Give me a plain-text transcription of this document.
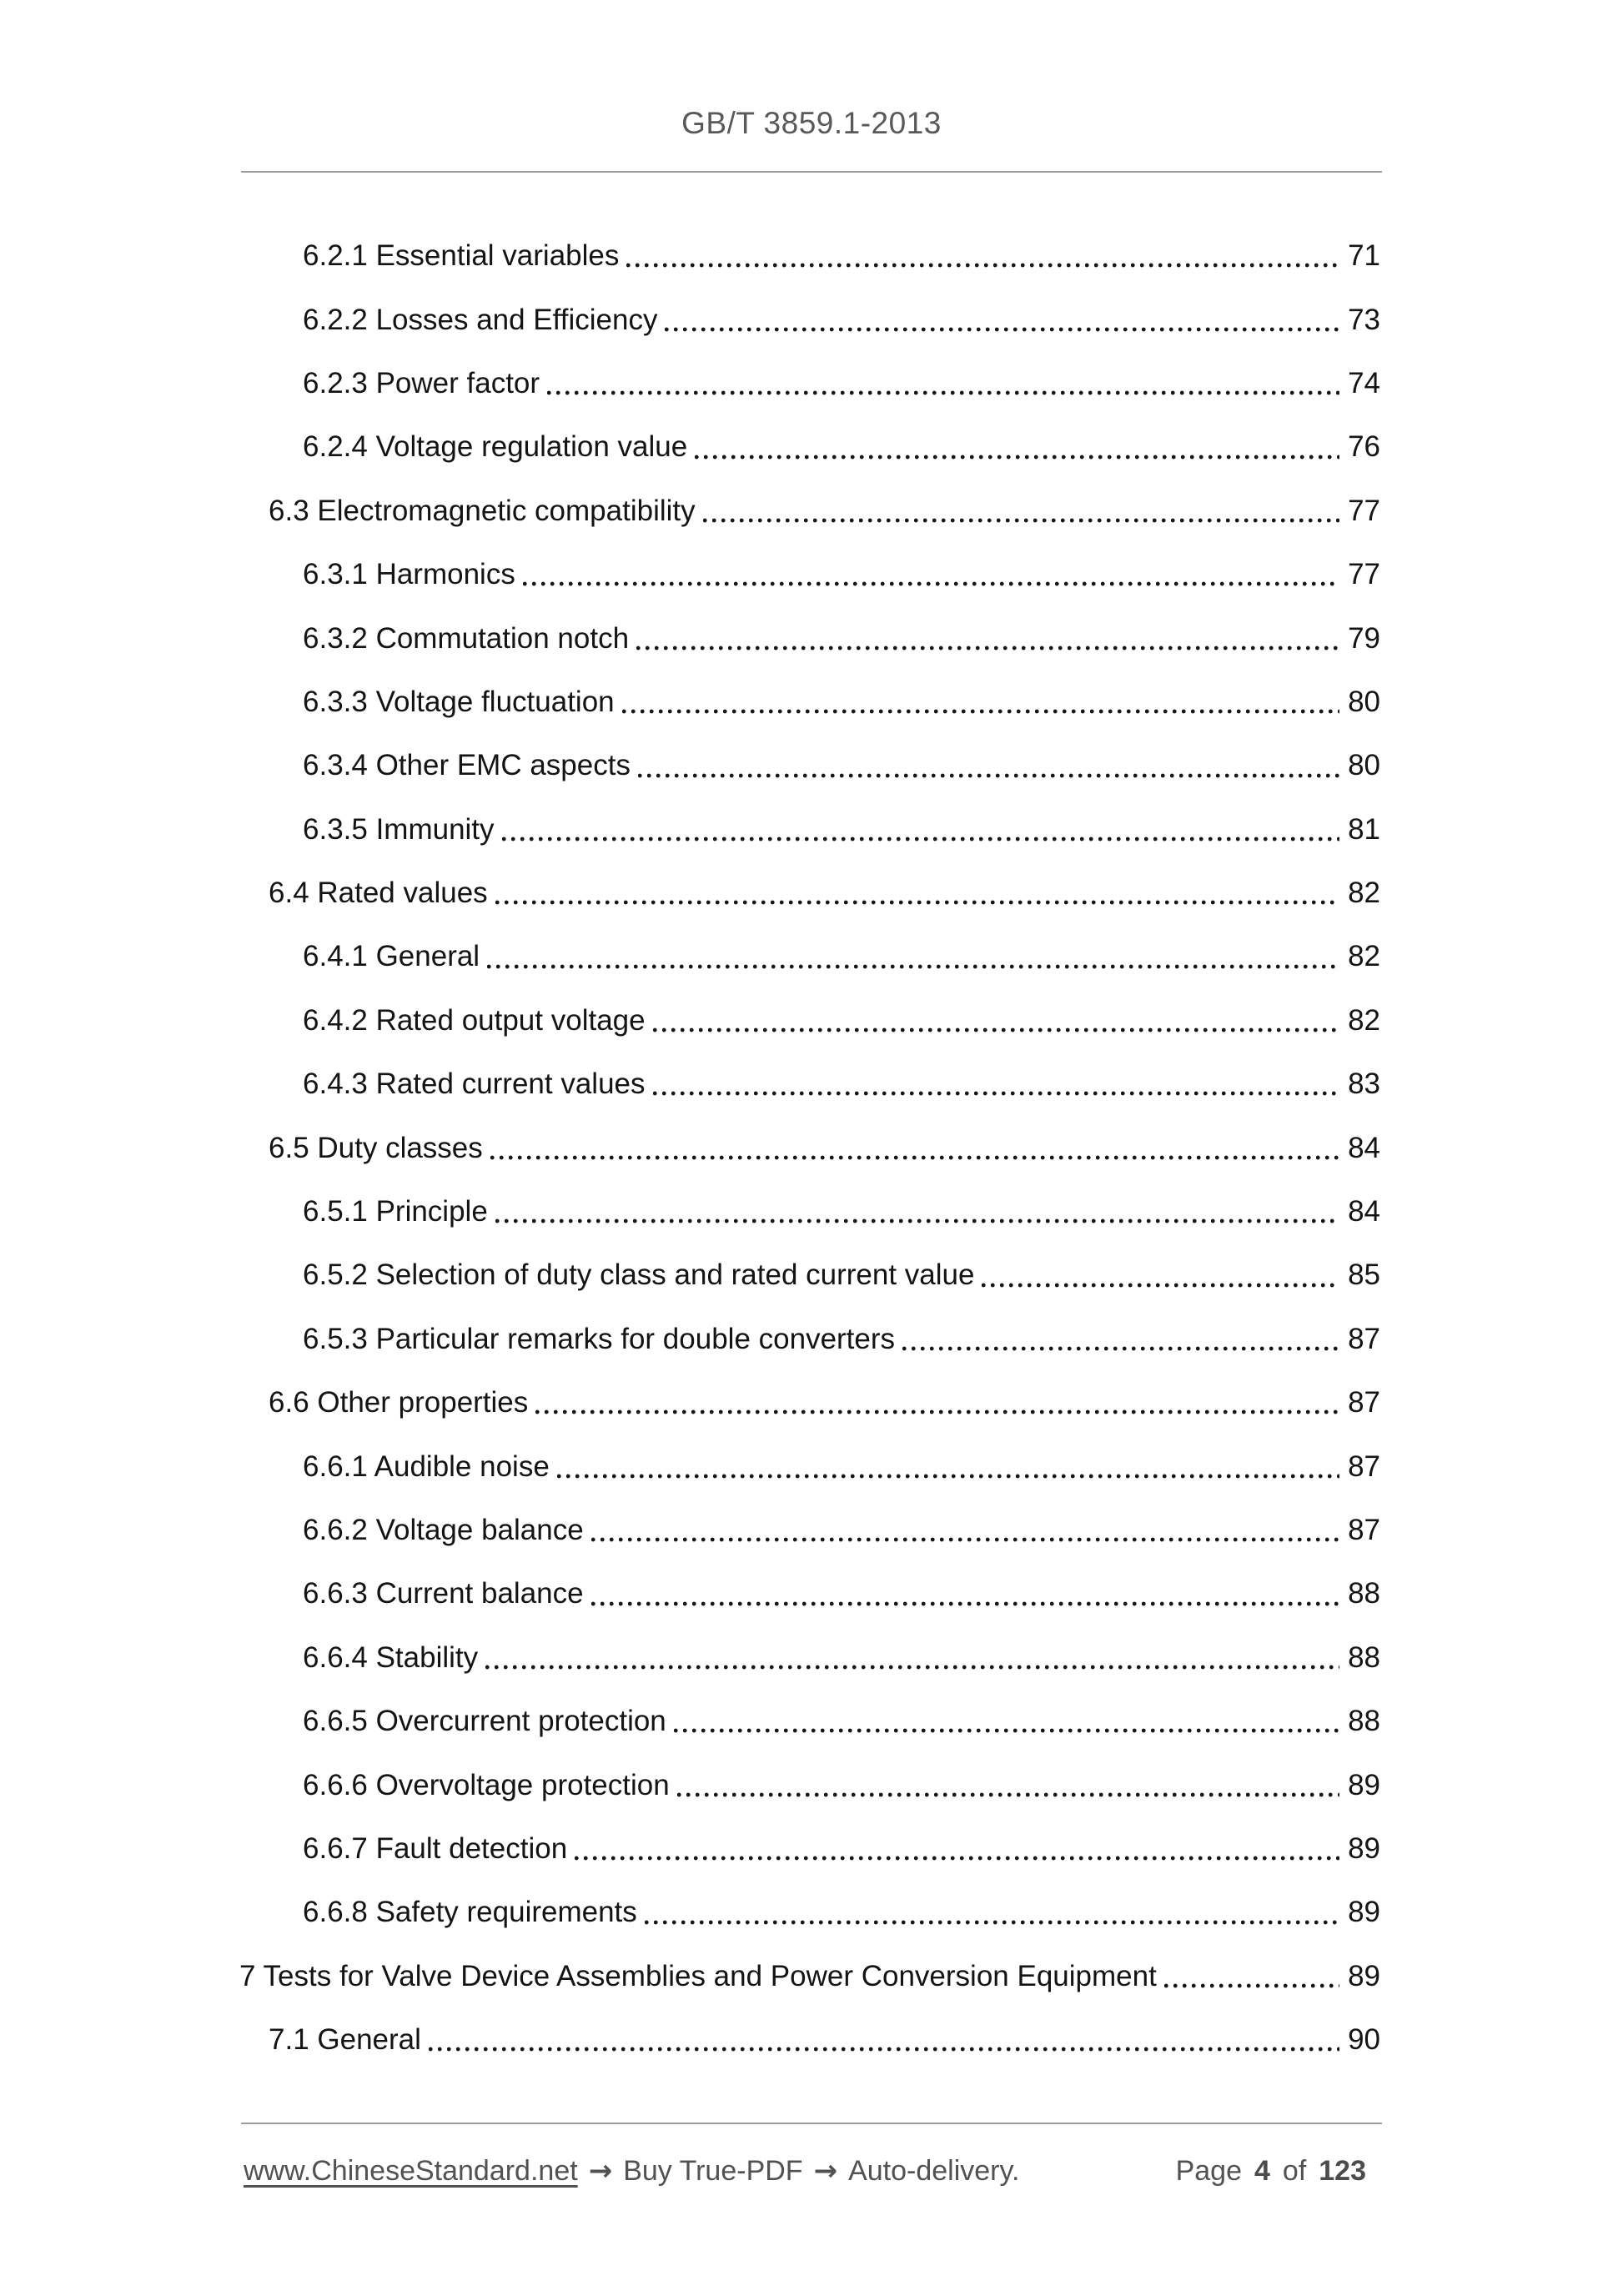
GB/T 3859.1-2013
6.2.1 Essential variables	71
6.2.2 Losses and Efficiency	73
6.2.3 Power factor	74
6.2.4 Voltage regulation value	76
6.3 Electromagnetic compatibility	77
6.3.1 Harmonics	77
6.3.2 Commutation notch	79
6.3.3 Voltage fluctuation	80
6.3.4 Other EMC aspects	80
6.3.5 Immunity	81
6.4 Rated values	82
6.4.1 General	82
6.4.2 Rated output voltage	82
6.4.3 Rated current values	83
6.5 Duty classes	84
6.5.1 Principle	84
6.5.2 Selection of duty class and rated current value	85
6.5.3 Particular remarks for double converters	87
6.6 Other properties	87
6.6.1 Audible noise	87
6.6.2 Voltage balance	87
6.6.3 Current balance	88
6.6.4 Stability	88
6.6.5 Overcurrent protection	88
6.6.6 Overvoltage protection	89
6.6.7 Fault detection	89
6.6.8 Safety requirements	89
7 Tests for Valve Device Assemblies and Power Conversion Equipment	89
7.1 General	90
www.ChineseStandard.net → Buy True-PDF → Auto-delivery.	Page 4 of 123
